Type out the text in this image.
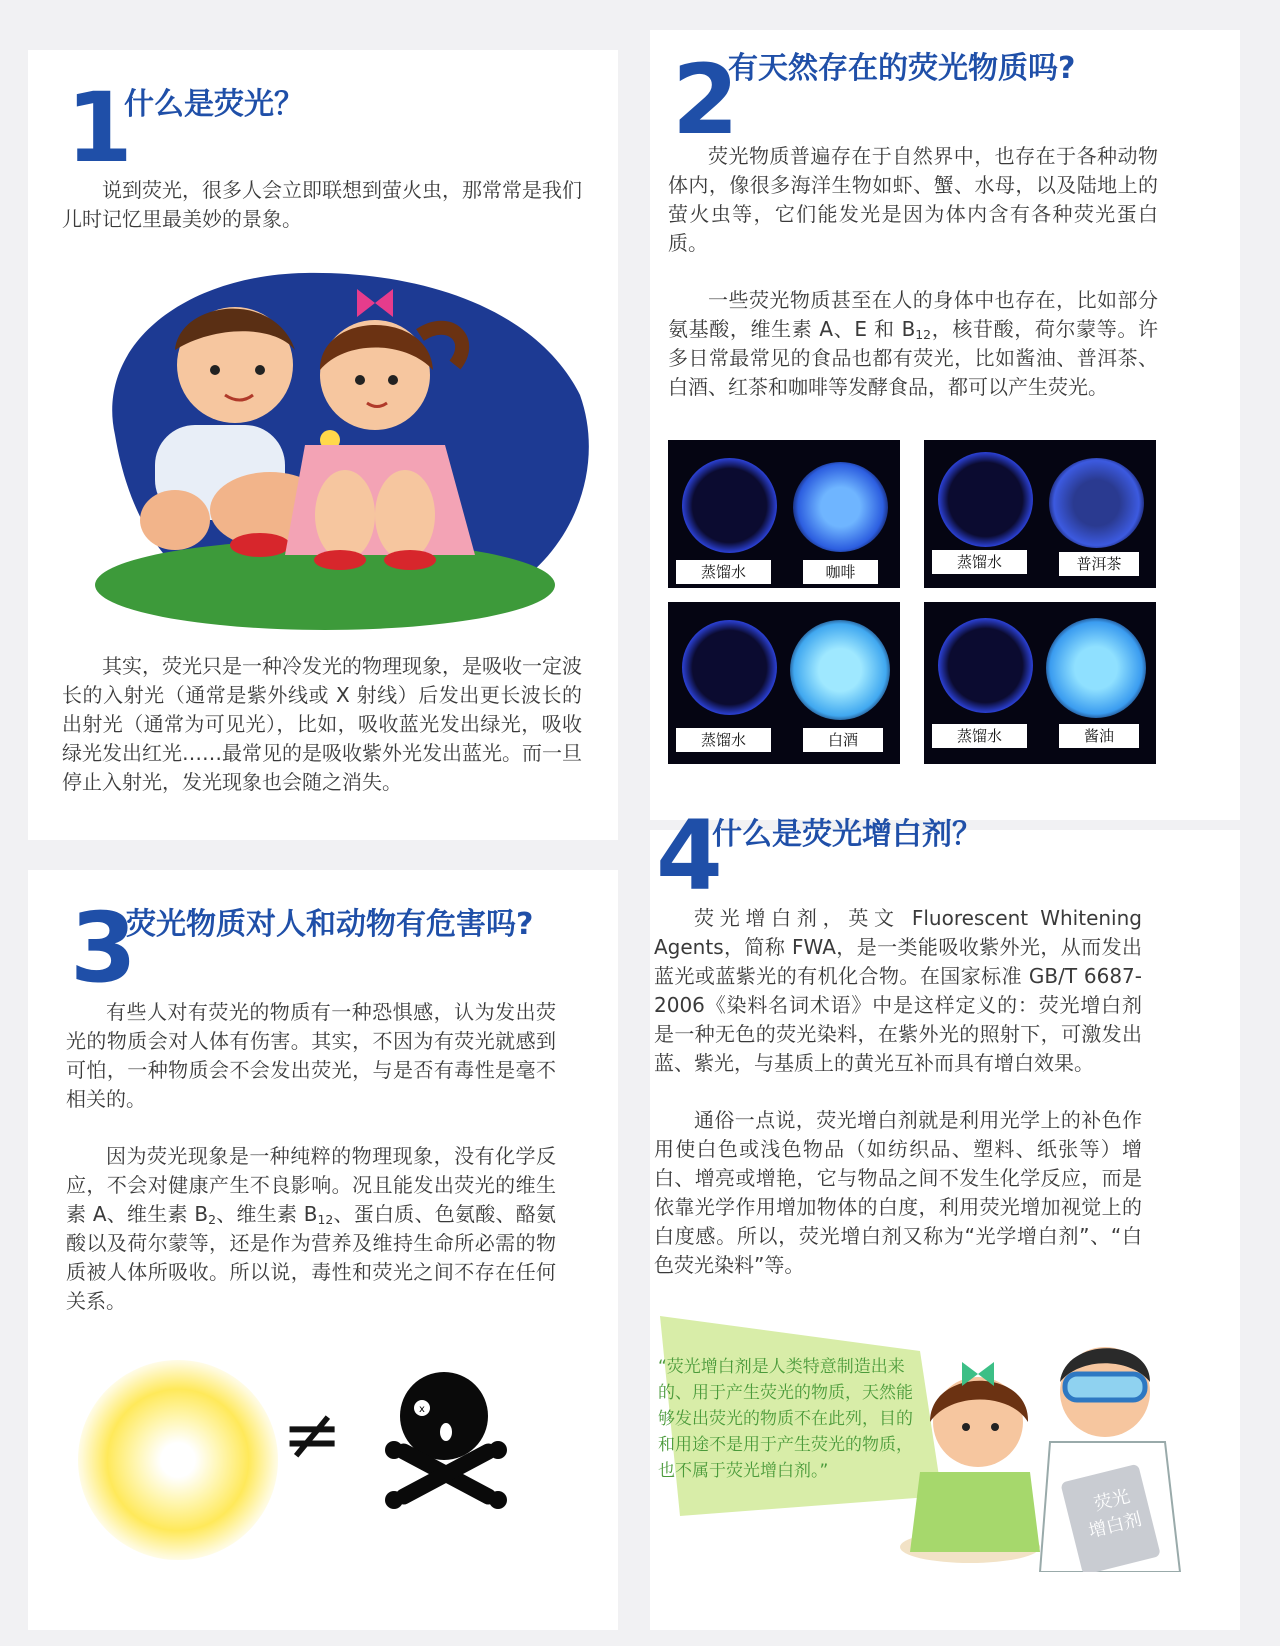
1
什么是荧光？

说到荧光，很多人会立即联想到萤火虫，那常常是我们儿时记忆里最美妙的景象。

其实，荧光只是一种冷发光的物理现象，是吸收一定波长的入射光（通常是紫外线或 X 射线）后发出更长波长的出射光（通常为可见光），比如，吸收蓝光发出绿光，吸收绿光发出红光……最常见的是吸收紫外光发出蓝光。而一旦停止入射光，发光现象也会随之消失。

2
有天然存在的荧光物质吗?

荧光物质普遍存在于自然界中，也存在于各种动物体内，像很多海洋生物如虾、蟹、水母，以及陆地上的萤火虫等，它们能发光是因为体内含有各种荧光蛋白质。

一些荧光物质甚至在人的身体中也存在，比如部分氨基酸，维生素 A、E 和 $B_{12}$，核苷酸，荷尔蒙等。许多日常最常见的食品也都有荧光，比如酱油、普洱茶、白酒、红茶和咖啡等发酵食品，都可以产生荧光。

蒸馏水	咖啡
蒸馏水	普洱茶
蒸馏水	白酒	蒸馏水	酱油
3
荧光物质对人和动物有危害吗?

有些人对有荧光的物质有一种恐惧感，认为发出荧光的物质会对人体有伤害。其实，不因为有荧光就感到可怕，一种物质会不会发出荧光，与是否有毒性是毫不相关的。

因为荧光现象是一种纯粹的物理现象，没有化学反应，不会对健康产生不良影响。况且能发出荧光的维生素 A、维生素 $B_2$、维生素 $B_{12}$、蛋白质、色氨酸、酪氨酸以及荷尔蒙等，还是作为营养及维持生命所必需的物质被人体所吸收。所以说，毒性和荧光之间不存在任何关系。

≠	x
4
什么是荧光增白剂？

荧光增白剂，英文 Fluorescent Whitening Agents，简称 FWA，是一类能吸收紫外光，从而发出蓝光或蓝紫光的有机化合物。在国家标准 GB/T 6687-2006《染料名词术语》中是这样定义的：荧光增白剂是一种无色的荧光染料，在紫外光的照射下，可激发出蓝、紫光，与基质上的黄光互补而具有增白效果。

通俗一点说，荧光增白剂就是利用光学上的补色作用使白色或浅色物品（如纺织品、塑料、纸张等）增白、增亮或增艳，它与物品之间不发生化学反应，而是依靠光学作用增加物体的白度，利用荧光增加视觉上的白度感。所以，荧光增白剂又称为“光学增白剂”、“白色荧光染料”等。

“荧光增白剂是人类特意制造出来的、用于产生荧光的物质，天然能够发出荧光的物质不在此列，目的和用途不是用于产生荧光的物质，也不属于荧光增白剂。”
荧光
增白剂
